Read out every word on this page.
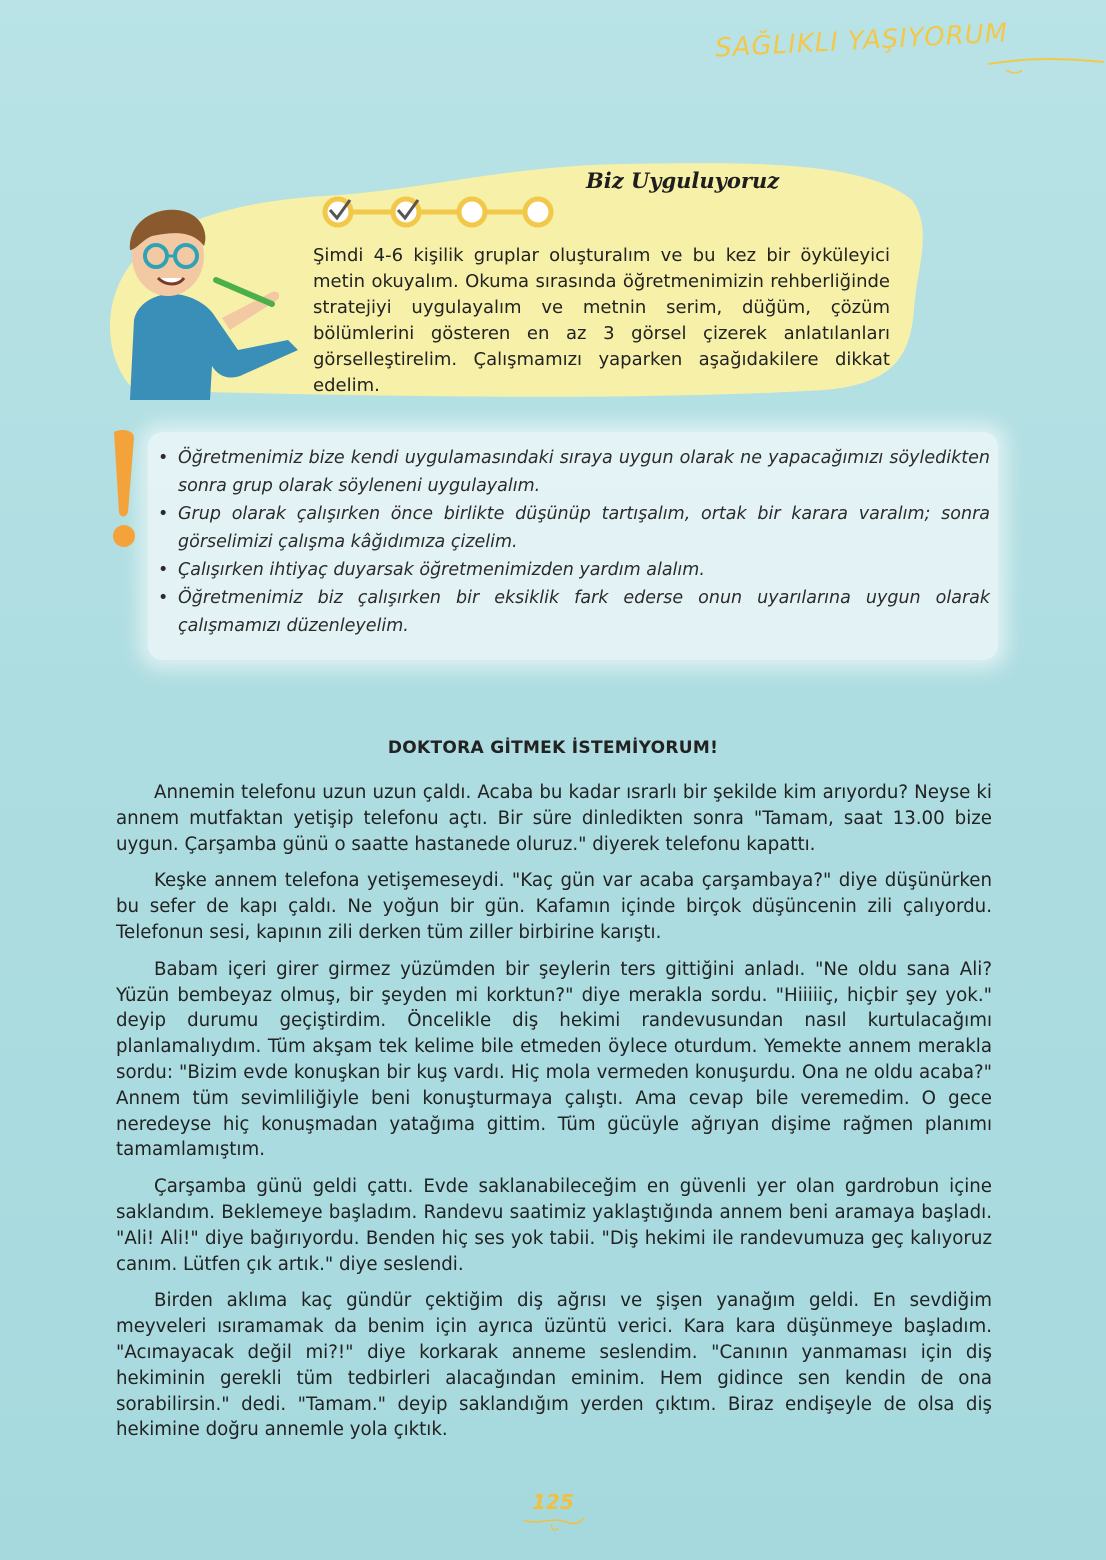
SAĞLIKLI YAŞIYORUM
Biz Uyguluyoruz

Şimdi 4-6 kişilik gruplar oluşturalım ve bu kez bir öyküleyici metin okuyalım. Okuma sırasında öğretmenimizin rehberliğinde stratejiyi uygulayalım ve metnin serim, düğüm, çözüm bölümlerini gösteren en az 3 görsel çizerek anlatılanları görselleştirelim. Çalışmamızı yaparken aşağıdakilere dikkat edelim.

• Öğretmenimiz bize kendi uygulamasındaki sıraya uygun olarak ne yapacağımızı söyledikten sonra grup olarak söyleneni uygulayalım.
• Grup olarak çalışırken önce birlikte düşünüp tartışalım, ortak bir karara varalım; sonra görselimizi çalışma kâğıdımıza çizelim.
• Çalışırken ihtiyaç duyarsak öğretmenimizden yardım alalım.
• Öğretmenimiz biz çalışırken bir eksiklik fark ederse onun uyarılarına uygun olarak çalışmamızı düzenleyelim.
DOKTORA GİTMEK İSTEMİYORUM!

Annemin telefonu uzun uzun çaldı. Acaba bu kadar ısrarlı bir şekilde kim arıyordu? Neyse ki annem mutfaktan yetişip telefonu açtı. Bir süre dinledikten sonra "Tamam, saat 13.00 bize uygun. Çarşamba günü o saatte hastanede oluruz." diyerek telefonu kapattı.

Keşke annem telefona yetişemeseydi. "Kaç gün var acaba çarşambaya?" diye düşünürken bu sefer de kapı çaldı. Ne yoğun bir gün. Kafamın içinde birçok düşüncenin zili çalıyordu. Telefonun sesi, kapının zili derken tüm ziller birbirine karıştı.

Babam içeri girer girmez yüzümden bir şeylerin ters gittiğini anladı. "Ne oldu sana Ali? Yüzün bembeyaz olmuş, bir şeyden mi korktun?" diye merakla sordu. "Hiiiiiç, hiçbir şey yok." deyip durumu geçiştirdim. Öncelikle diş hekimi randevusundan nasıl kurtulacağımı planlamalıydım. Tüm akşam tek kelime bile etmeden öylece oturdum. Yemekte annem merakla sordu: "Bizim evde konuşkan bir kuş vardı. Hiç mola vermeden konuşurdu. Ona ne oldu acaba?" Annem tüm sevimliliğiyle beni konuşturmaya çalıştı. Ama cevap bile veremedim. O gece neredeyse hiç konuşmadan yatağıma gittim. Tüm gücüyle ağrıyan dişime rağmen planımı tamamlamıştım.

Çarşamba günü geldi çattı. Evde saklanabileceğim en güvenli yer olan gardrobun içine saklandım. Beklemeye başladım. Randevu saatimiz yaklaştığında annem beni aramaya başladı. "Ali! Ali!" diye bağırıyordu. Benden hiç ses yok tabii. "Diş hekimi ile randevumuza geç kalıyoruz canım. Lütfen çık artık." diye seslendi.

Birden aklıma kaç gündür çektiğim diş ağrısı ve şişen yanağım geldi. En sevdiğim meyveleri ısıramamak da benim için ayrıca üzüntü verici. Kara kara düşünmeye başladım. "Acımayacak değil mi?!" diye korkarak anneme seslendim. "Canının yanmaması için diş hekiminin gerekli tüm tedbirleri alacağından eminim. Hem gidince sen kendin de ona sorabilirsin." dedi. "Tamam." deyip saklandığım yerden çıktım. Biraz endişeyle de olsa diş hekimine doğru annemle yola çıktık.

125
